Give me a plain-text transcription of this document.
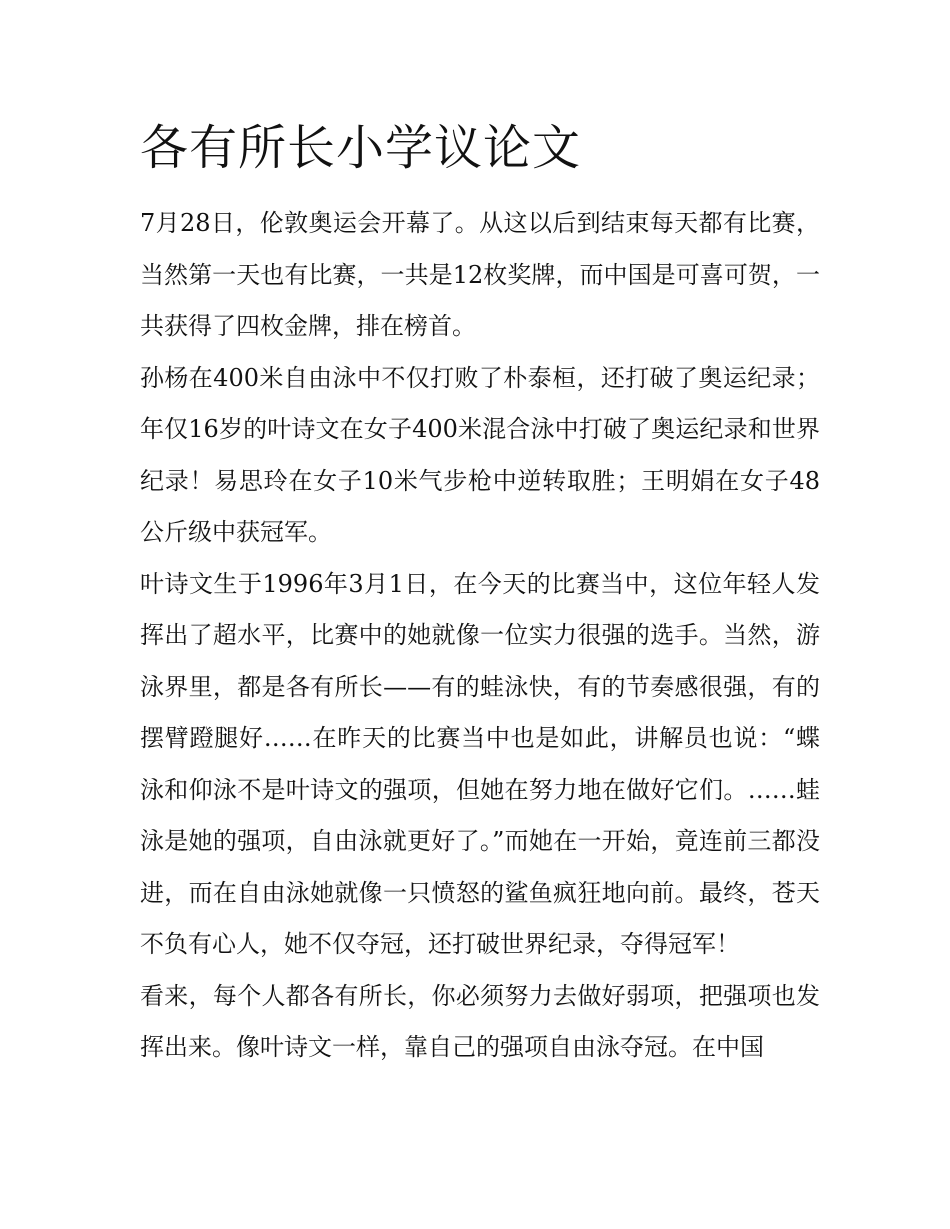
各有所长小学议论文

7月28日，伦敦奥运会开幕了。从这以后到结束每天都有比赛，当然第一天也有比赛，一共是12枚奖牌，而中国是可喜可贺，一共获得了四枚金牌，排在榜首。

孙杨在400米自由泳中不仅打败了朴泰桓，还打破了奥运纪录；年仅16岁的叶诗文在女子400米混合泳中打破了奥运纪录和世界纪录！易思玲在女子10米气步枪中逆转取胜；王明娟在女子48公斤级中获冠军。

叶诗文生于1996年3月1日，在今天的比赛当中，这位年轻人发挥出了超水平，比赛中的她就像一位实力很强的选手。当然，游泳界里，都是各有所长——有的蛙泳快，有的节奏感很强，有的摆臂蹬腿好……在昨天的比赛当中也是如此，讲解员也说：“蝶泳和仰泳不是叶诗文的强项，但她在努力地在做好它们。……蛙泳是她的强项，自由泳就更好了。”而她在一开始，竟连前三都没进，而在自由泳她就像一只愤怒的鲨鱼疯狂地向前。最终，苍天不负有心人，她不仅夺冠，还打破世界纪录，夺得冠军！

看来，每个人都各有所长，你必须努力去做好弱项，把强项也发挥出来。像叶诗文一样，靠自己的强项自由泳夺冠。在中国
